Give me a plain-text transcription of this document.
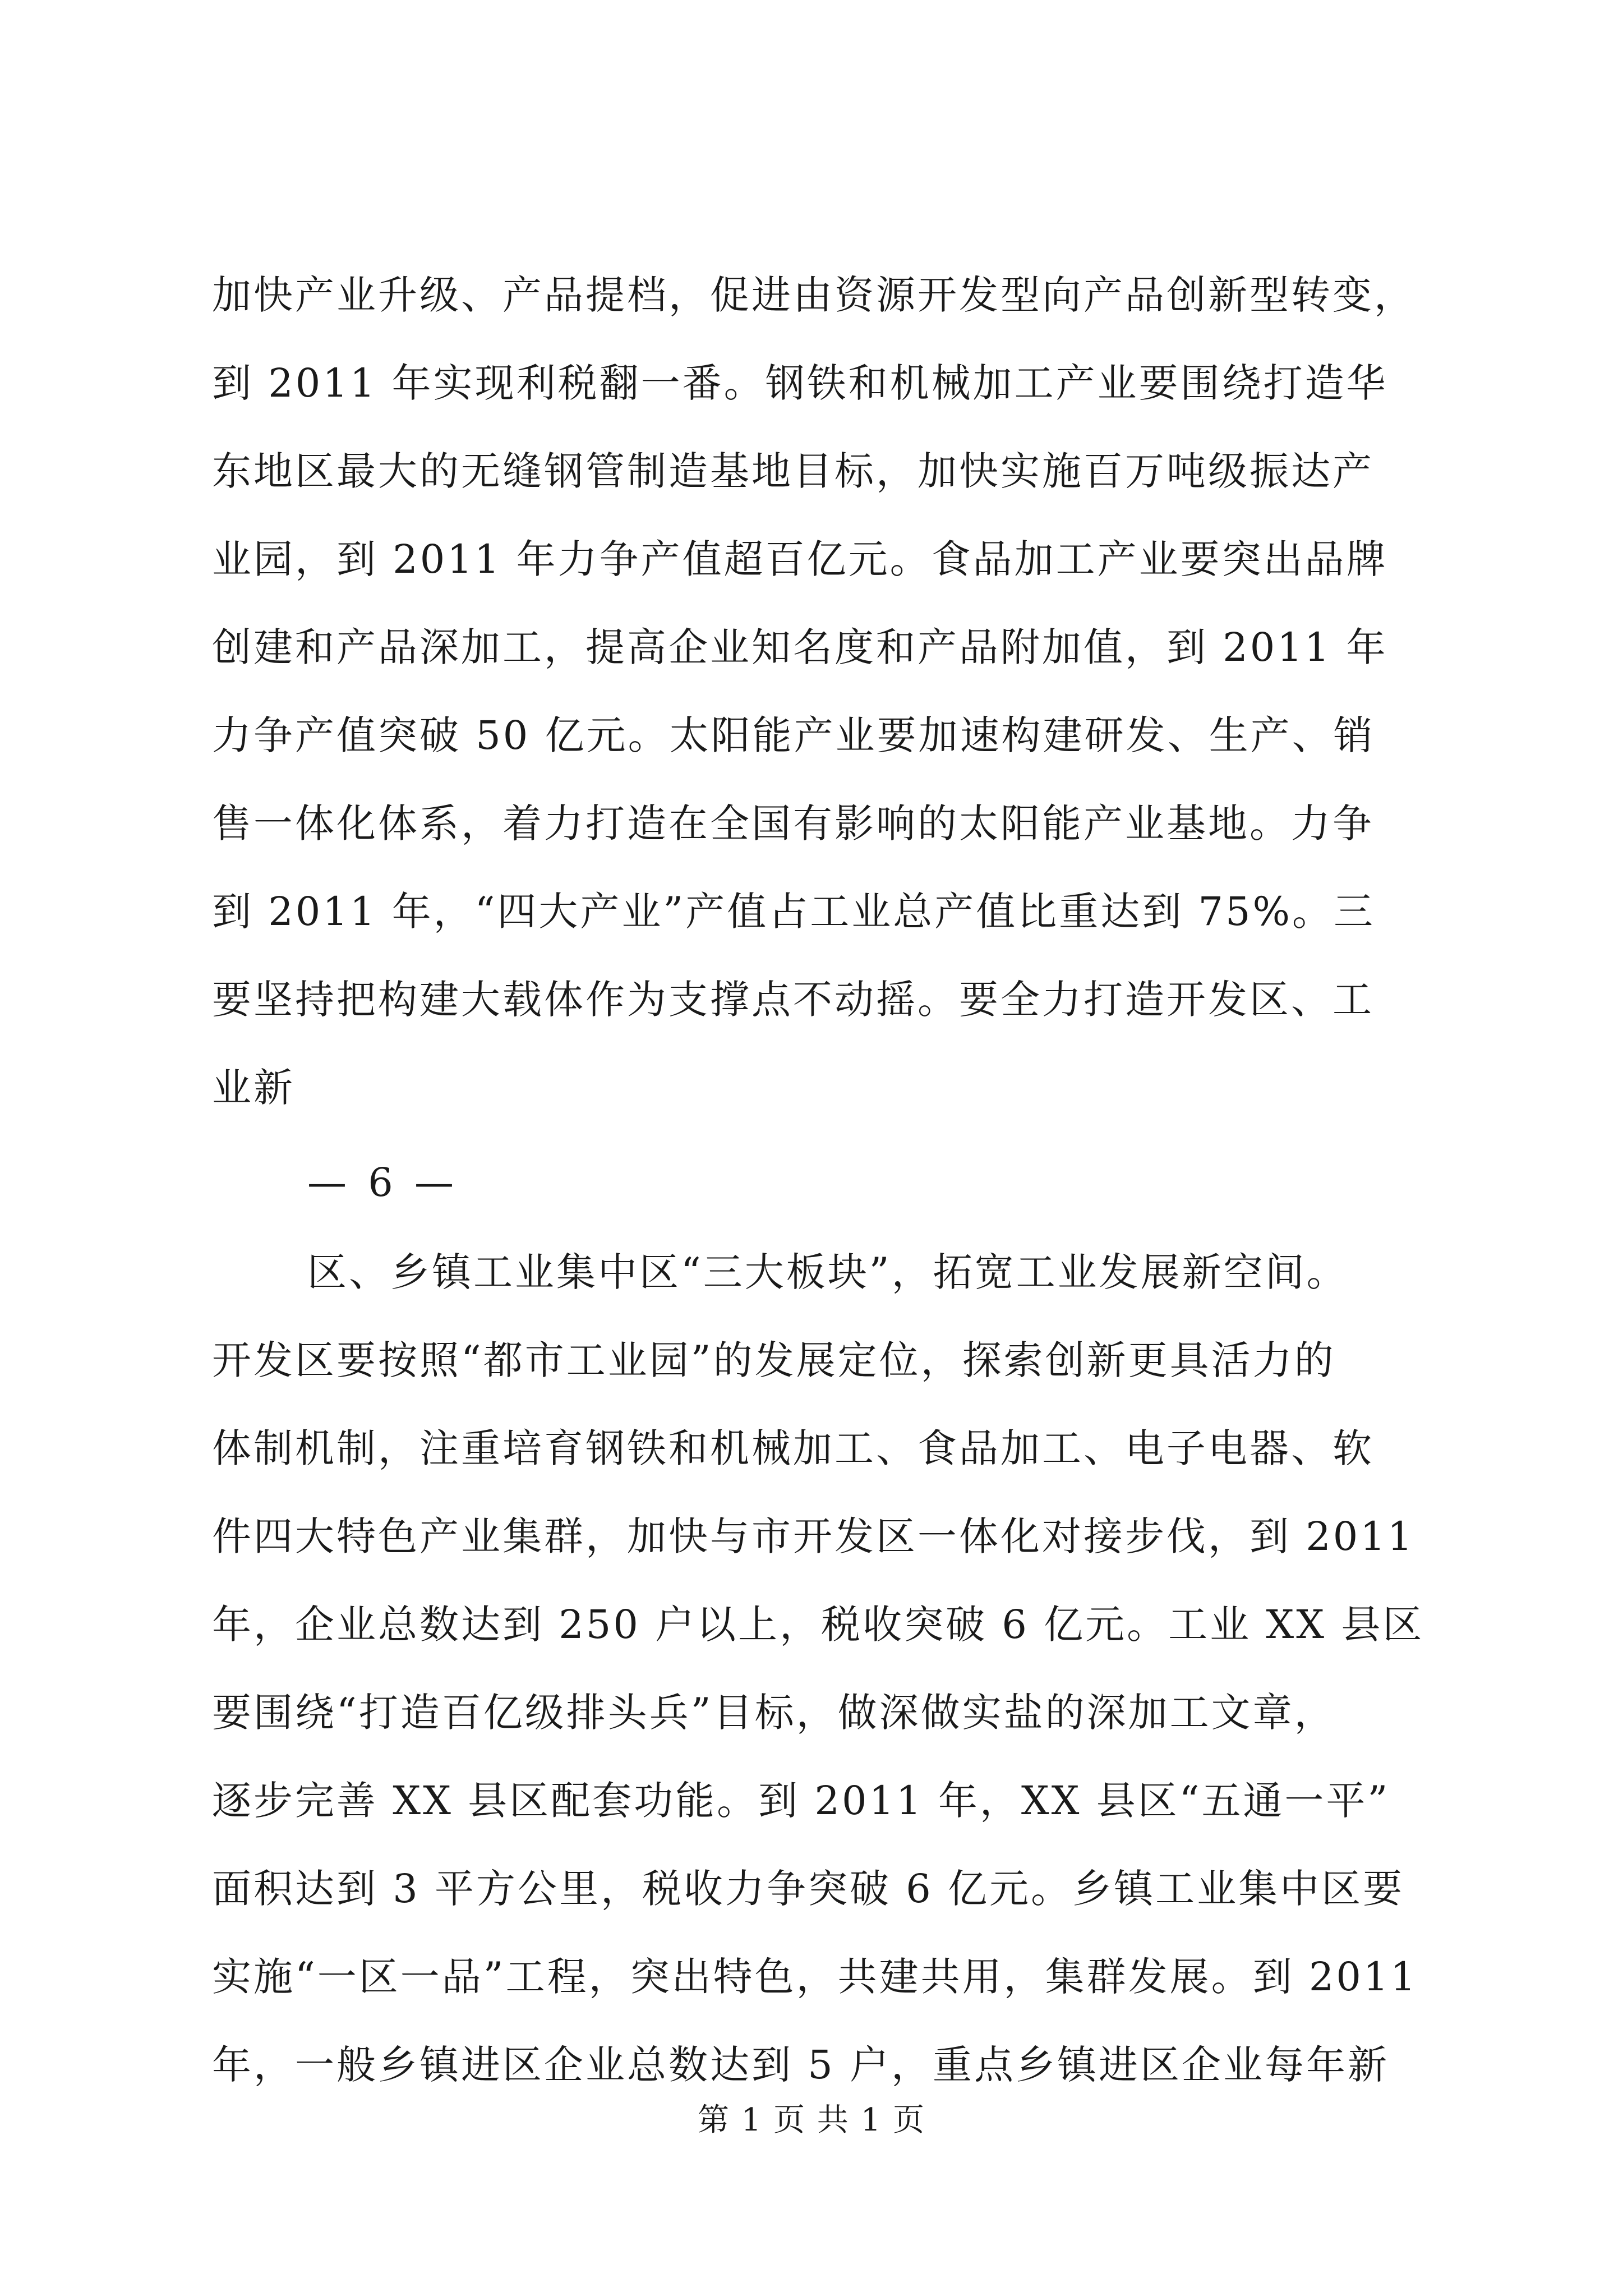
加快产业升级、产品提档，促进由资源开发型向产品创新型转变，
到 2011 年实现利税翻一番。钢铁和机械加工产业要围绕打造华
东地区最大的无缝钢管制造基地目标，加快实施百万吨级振达产
业园，到 2011 年力争产值超百亿元。食品加工产业要突出品牌
创建和产品深加工，提高企业知名度和产品附加值，到 2011 年
力争产值突破 50 亿元。太阳能产业要加速构建研发、生产、销
售一体化体系，着力打造在全国有影响的太阳能产业基地。力争
到 2011 年，“四大产业”产值占工业总产值比重达到 75%。三
要坚持把构建大载体作为支撑点不动摇。要全力打造开发区、工
业新
— 6 —
区、乡镇工业集中区“三大板块”，拓宽工业发展新空间。
开发区要按照“都市工业园”的发展定位，探索创新更具活力的
体制机制，注重培育钢铁和机械加工、食品加工、电子电器、软
件四大特色产业集群，加快与市开发区一体化对接步伐，到 2011
年，企业总数达到 250 户以上，税收突破 6 亿元。工业 XX 县区
要围绕“打造百亿级排头兵”目标，做深做实盐的深加工文章，
逐步完善 XX 县区配套功能。到 2011 年，XX 县区“五通一平”
面积达到 3 平方公里，税收力争突破 6 亿元。乡镇工业集中区要
实施“一区一品”工程，突出特色，共建共用，集群发展。到 2011
年，一般乡镇进区企业总数达到 5 户，重点乡镇进区企业每年新
第 1 页 共 1 页
